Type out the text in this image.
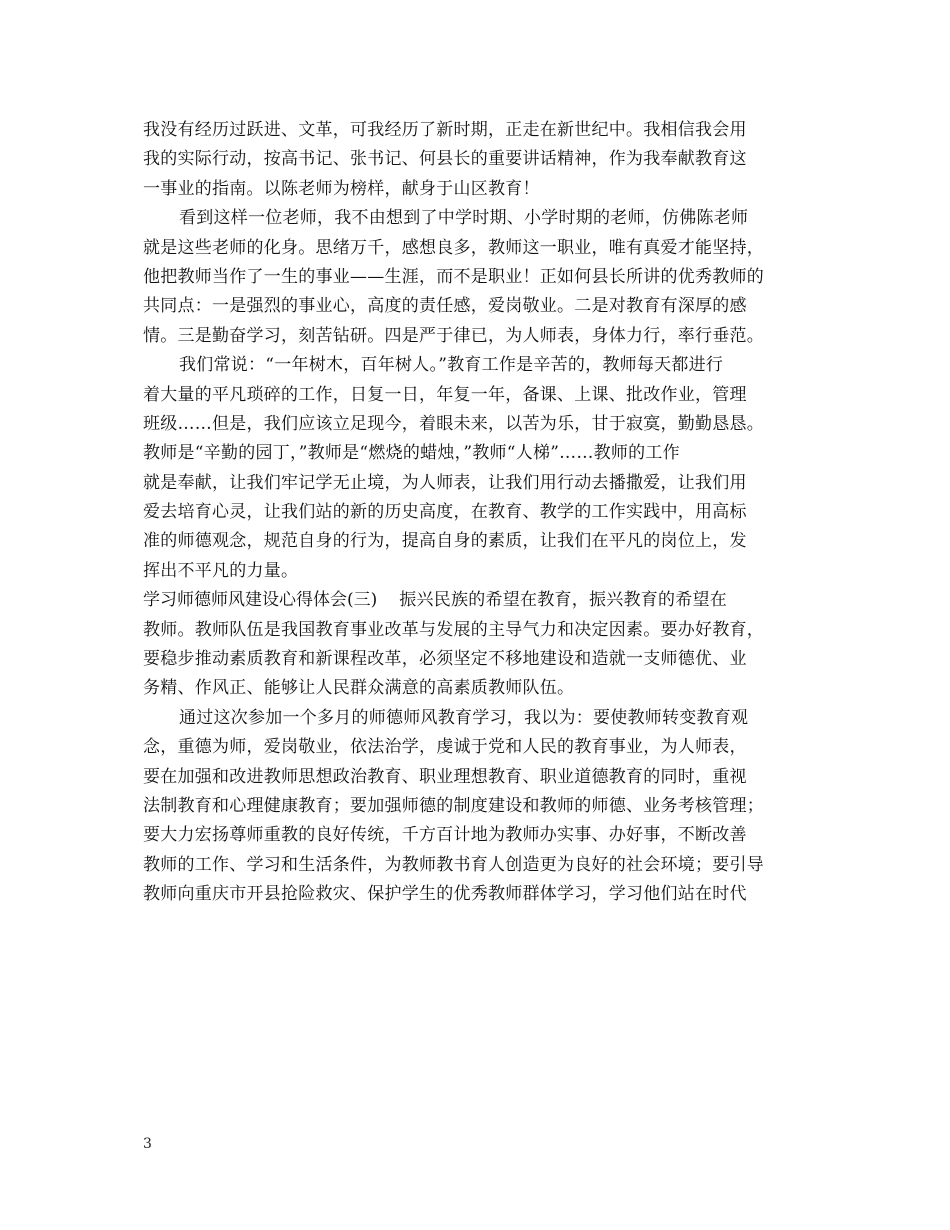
我没有经历过跃进、文革，可我经历了新时期，正走在新世纪中。我相信我会用
我的实际行动，按高书记、张书记、何县长的重要讲话精神，作为我奉献教育这
一事业的指南。以陈老师为榜样，献身于山区教育！
看到这样一位老师，我不由想到了中学时期、小学时期的老师，仿佛陈老师
就是这些老师的化身。思绪万千，感想良多，教师这一职业，唯有真爱才能坚持，
他把教师当作了一生的事业——生涯，而不是职业！正如何县长所讲的优秀教师的
共同点：一是强烈的事业心，高度的责任感，爱岗敬业。二是对教育有深厚的感
情。三是勤奋学习，刻苦钻研。四是严于律已，为人师表，身体力行，率行垂范。
我们常说：“一年树木，百年树人。”教育工作是辛苦的，教师每天都进行
着大量的平凡琐碎的工作，日复一日，年复一年，备课、上课、批改作业，管理
班级……但是，我们应该立足现今，着眼未来，以苦为乐，甘于寂寞，勤勤恳恳。
教师是“辛勤的园丁，”教师是“燃烧的蜡烛，”教师“人梯”……教师的工作
就是奉献，让我们牢记学无止境，为人师表，让我们用行动去播撒爱，让我们用
爱去培育心灵，让我们站的新的历史高度，在教育、教学的工作实践中，用高标
准的师德观念，规范自身的行为，提高自身的素质，让我们在平凡的岗位上，发
挥出不平凡的力量。
学习师德师风建设心得体会(三) 振兴民族的希望在教育，振兴教育的希望在
教师。教师队伍是我国教育事业改革与发展的主导气力和决定因素。要办好教育，
要稳步推动素质教育和新课程改革，必须坚定不移地建设和造就一支师德优、业
务精、作风正、能够让人民群众满意的高素质教师队伍。
通过这次参加一个多月的师德师风教育学习，我以为：要使教师转变教育观
念，重德为师，爱岗敬业，依法治学，虔诚于党和人民的教育事业，为人师表，
要在加强和改进教师思想政治教育、职业理想教育、职业道德教育的同时，重视
法制教育和心理健康教育；要加强师德的制度建设和教师的师德、业务考核管理；
要大力宏扬尊师重教的良好传统，千方百计地为教师办实事、办好事，不断改善
教师的工作、学习和生活条件，为教师教书育人创造更为良好的社会环境；要引导
教师向重庆市开县抢险救灾、保护学生的优秀教师群体学习，学习他们站在时代
3
